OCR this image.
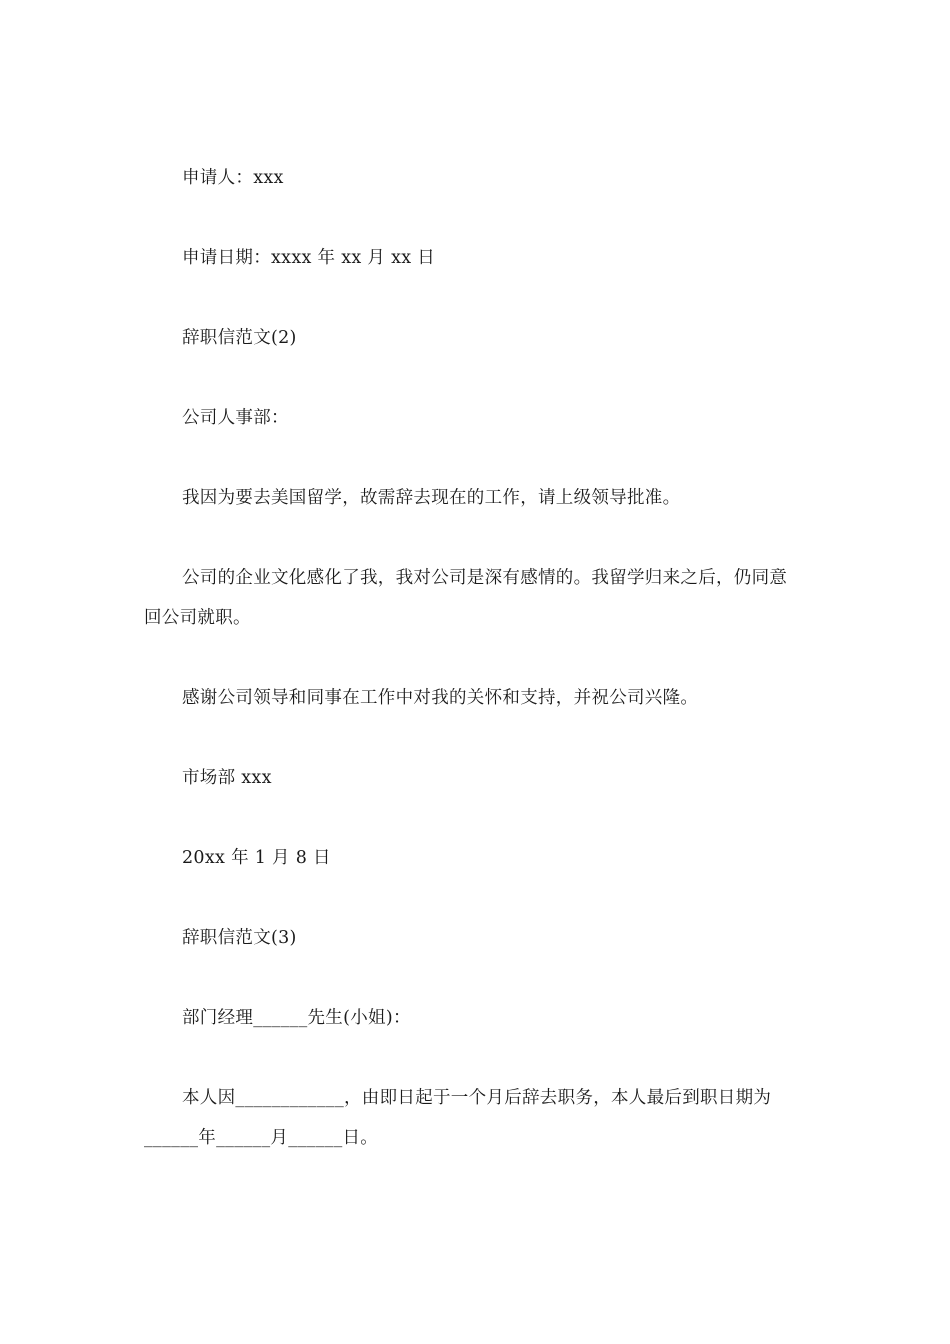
申请人：xxx

申请日期：xxxx 年 xx 月 xx 日

辞职信范文(2)

公司人事部：

我因为要去美国留学，故需辞去现在的工作，请上级领导批准。

公司的企业文化感化了我，我对公司是深有感情的。我留学归来之后，仍同意回公司就职。

感谢公司领导和同事在工作中对我的关怀和支持，并祝公司兴隆。

市场部 xxx

20xx 年 1 月 8 日

辞职信范文(3)

部门经理______先生(小姐)：

本人因____________，由即日起于一个月后辞去职务，本人最后到职日期为______年______月______日。
